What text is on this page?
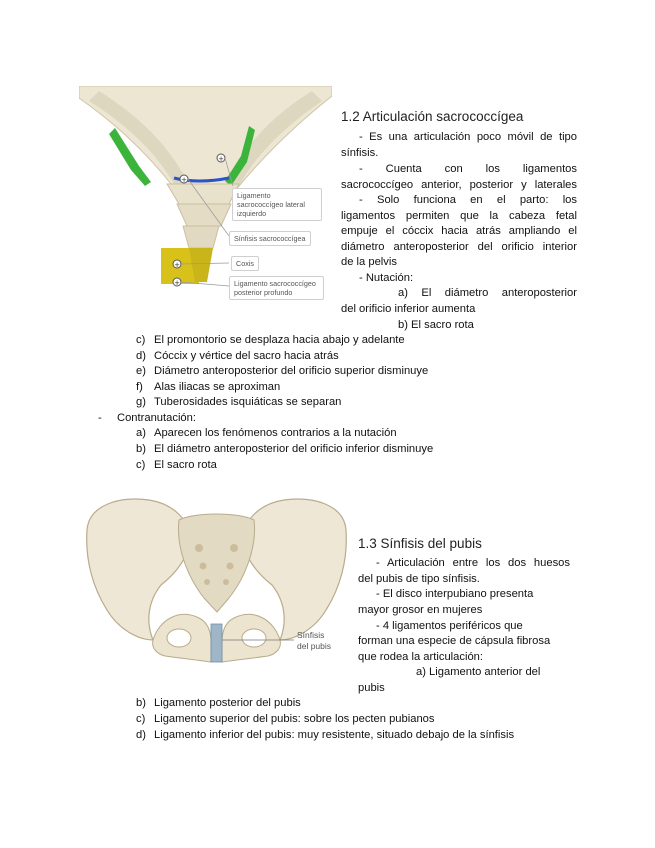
+
+
+
+
Ligamento sacrococcígeo lateral izquierdo
Sínfisis sacrococcígea
Coxis
Ligamento sacrococcígeo posterior profundo
1.2 Articulación sacrococcígea
- Es una articulación poco móvil de tipo
sínfisis.
- Cuenta con los ligamentos
sacrococcígeo anterior, posterior y laterales
- Solo funciona en el parto: los
ligamentos permiten que la cabeza fetal
empuje el cóccix hacia atrás ampliando el
diámetro anteroposterior del orificio interior
de la pelvis
- Nutación:
a) El diámetro anteroposterior
del orificio inferior aumenta
b) El sacro rota
c) El promontorio se desplaza hacia abajo y adelante
d) Cóccix y vértice del sacro hacia atrás
e) Diámetro anteroposterior del orificio superior disminuye
f) Alas iliacas se aproximan
g) Tuberosidades isquiáticas se separan
- Contranutación:
a) Aparecen los fenómenos contrarios a la nutación
b) El diámetro anteroposterior del orificio inferior disminuye
c) El sacro rota
Sínfisis
del pubis
1.3 Sínfisis del pubis
- Articulación entre los dos huesos
del pubis de tipo sínfisis.
- El disco interpubiano presenta
mayor grosor en mujeres
- 4 ligamentos periféricos que
forman una especie de cápsula fibrosa
que rodea la articulación:
a) Ligamento anterior del
pubis
b) Ligamento posterior del pubis
c) Ligamento superior del pubis: sobre los pecten pubianos
d) Ligamento inferior del pubis: muy resistente, situado debajo de la sínfisis
